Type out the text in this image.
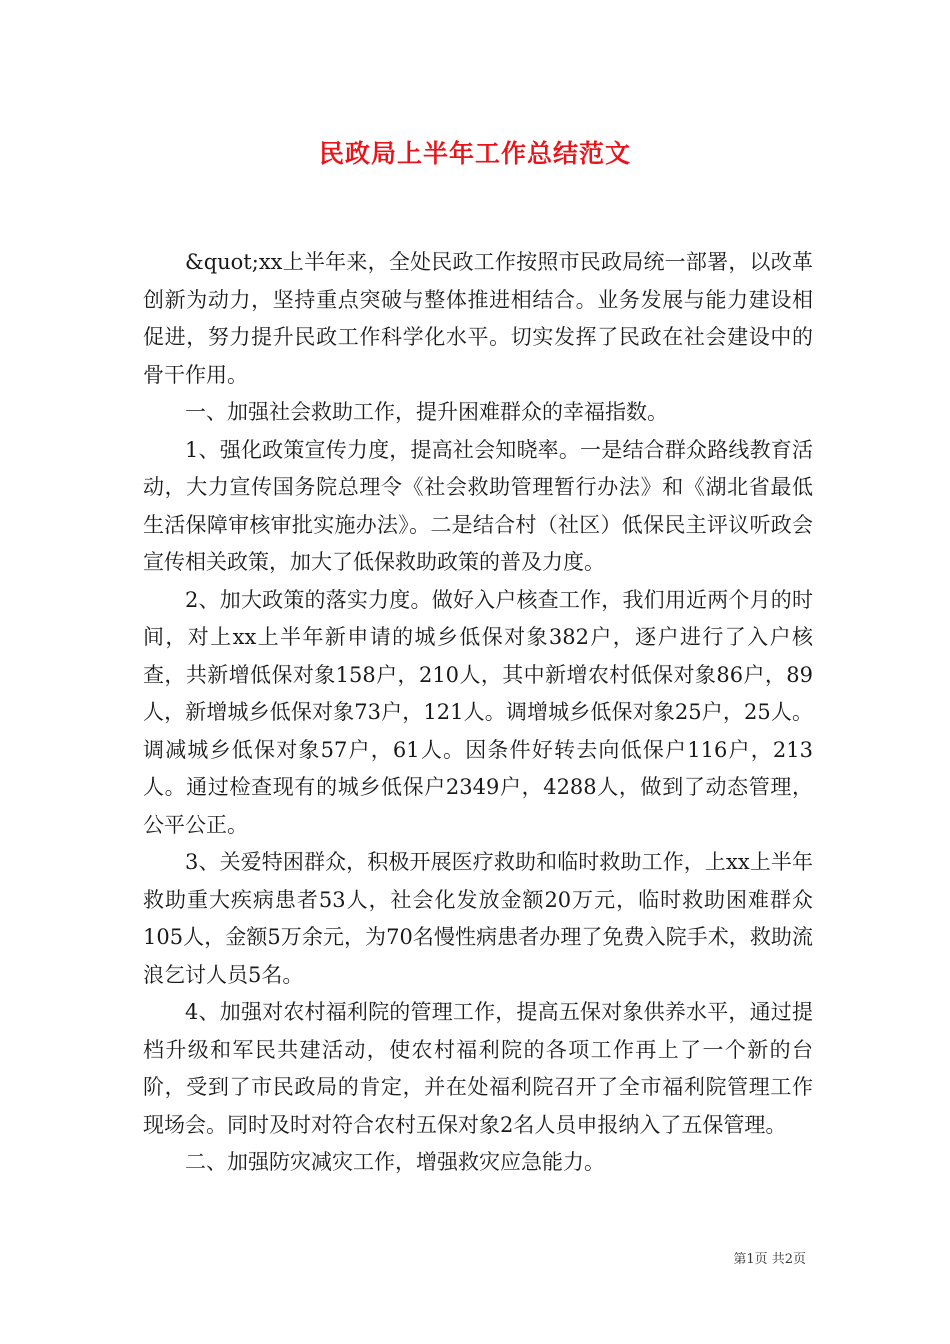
民政局上半年工作总结范文

&quot;xx上半年来，全处民政工作按照市民政局统一部署，以改革创新为动力，坚持重点突破与整体推进相结合。业务发展与能力建设相促进，努力提升民政工作科学化水平。切实发挥了民政在社会建设中的骨干作用。

一、加强社会救助工作，提升困难群众的幸福指数。

1、强化政策宣传力度，提高社会知晓率。一是结合群众路线教育活动，大力宣传国务院总理令《社会救助管理暂行办法》和《湖北省最低生活保障审核审批实施办法》。二是结合村（社区）低保民主评议听政会宣传相关政策，加大了低保救助政策的普及力度。

2、加大政策的落实力度。做好入户核查工作，我们用近两个月的时间，对上xx上半年新申请的城乡低保对象382户，逐户进行了入户核查，共新增低保对象158户，210人，其中新增农村低保对象86户，89人，新增城乡低保对象73户，121人。调增城乡低保对象25户，25人。调减城乡低保对象57户，61人。因条件好转去向低保户116户，213人。通过检查现有的城乡低保户2349户，4288人，做到了动态管理，公平公正。

3、关爱特困群众，积极开展医疗救助和临时救助工作，上xx上半年救助重大疾病患者53人，社会化发放金额20万元，临时救助困难群众105人，金额5万余元，为70名慢性病患者办理了免费入院手术，救助流浪乞讨人员5名。

4、加强对农村福利院的管理工作，提高五保对象供养水平，通过提档升级和军民共建活动，使农村福利院的各项工作再上了一个新的台阶，受到了市民政局的肯定，并在处福利院召开了全市福利院管理工作现场会。同时及时对符合农村五保对象2名人员申报纳入了五保管理。

二、加强防灾减灾工作，增强救灾应急能力。

第1页 共2页
